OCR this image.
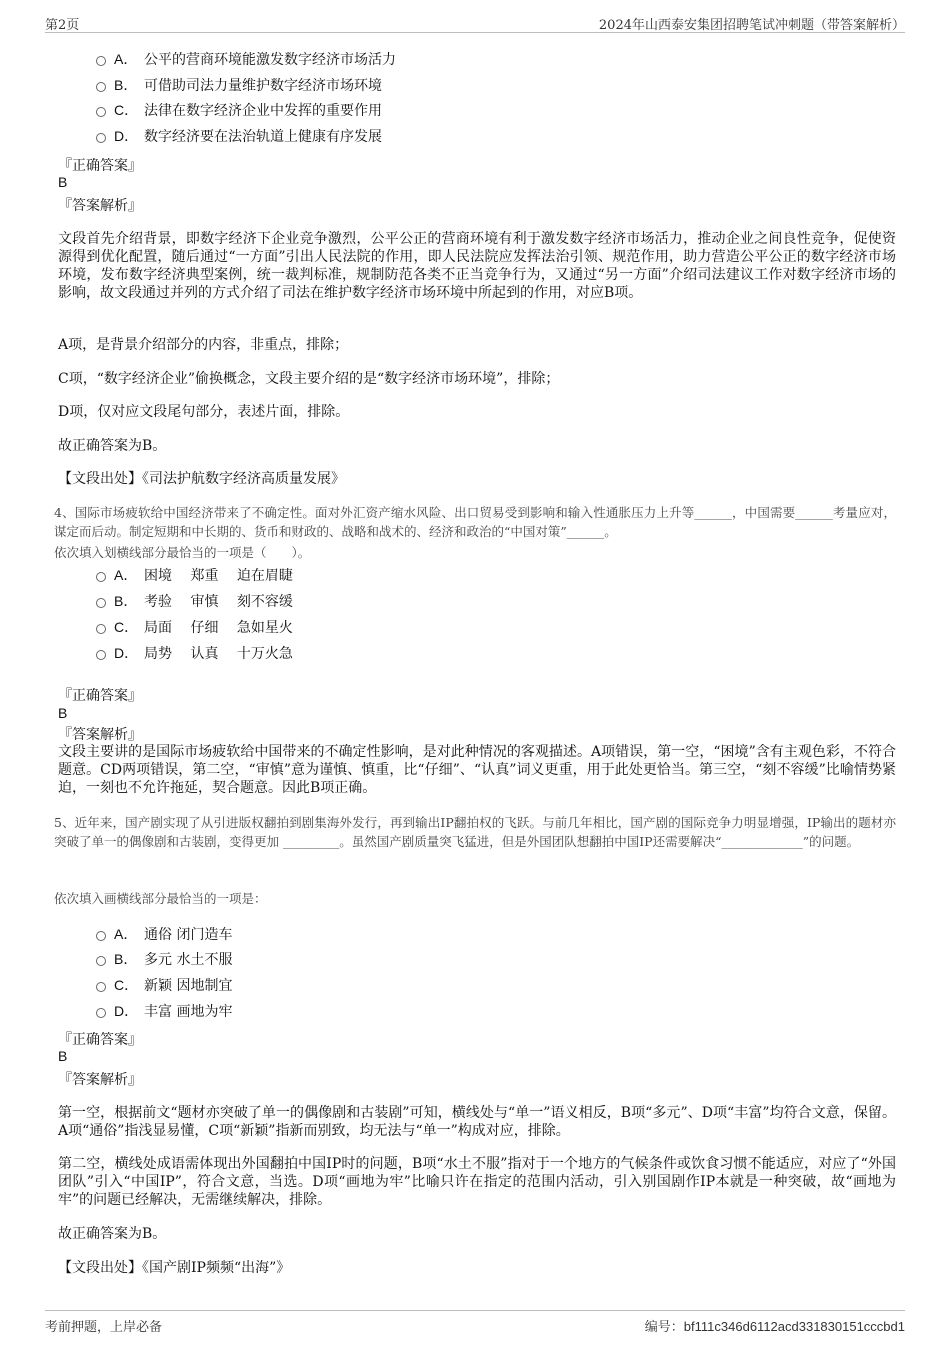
第2页	2024年山西泰安集团招聘笔试冲刺题（带答案解析）
A． 公平的营商环境能激发数字经济市场活力
B． 可借助司法力量维护数字经济市场环境
C． 法律在数字经济企业中发挥的重要作用
D． 数字经济要在法治轨道上健康有序发展
『正确答案』
B
『答案解析』
文段首先介绍背景，即数字经济下企业竞争激烈，公平公正的营商环境有利于激发数字经济市场活力，推动企业之间良性竞争，促使资源得到优化配置，随后通过“一方面”引出人民法院的作用，即人民法院应发挥法治引领、规范作用，助力营造公平公正的数字经济市场环境，发布数字经济典型案例，统一裁判标准，规制防范各类不正当竞争行为，又通过“另一方面”介绍司法建议工作对数字经济市场的影响，故文段通过并列的方式介绍了司法在维护数字经济市场环境中所起到的作用，对应B项。
A项，是背景介绍部分的内容，非重点，排除；
C项，“数字经济企业”偷换概念，文段主要介绍的是“数字经济市场环境”，排除；
D项，仅对应文段尾句部分，表述片面，排除。
故正确答案为B。
【文段出处】《司法护航数字经济高质量发展》
4、国际市场疲软给中国经济带来了不确定性。面对外汇资产缩水风险、出口贸易受到影响和输入性通胀压力上升等______，中国需要______考量应对，谋定而后动。制定短期和中长期的、货币和财政的、战略和战术的、经济和政治的“中国对策”______。
依次填入划横线部分最恰当的一项是（　　）。
A． 困境　 郑重　 迫在眉睫
B． 考验　 审慎　 刻不容缓
C． 局面　 仔细　 急如星火
D． 局势　 认真　 十万火急
『正确答案』
B
『答案解析』
文段主要讲的是国际市场疲软给中国带来的不确定性影响，是对此种情况的客观描述。A项错误，第一空，“困境”含有主观色彩，不符合题意。CD两项错误，第二空，“审慎”意为谨慎、慎重，比“仔细”、“认真”词义更重，用于此处更恰当。第三空，“刻不容缓”比喻情势紧迫，一刻也不允许拖延，契合题意。因此B项正确。
5、近年来，国产剧实现了从引进版权翻拍到剧集海外发行，再到输出IP翻拍权的飞跃。与前几年相比，国产剧的国际竞争力明显增强，IP输出的题材亦突破了单一的偶像剧和古装剧，变得更加 _________。虽然国产剧质量突飞猛进，但是外国团队想翻拍中国IP还需要解决“_____________”的问题。
依次填入画横线部分最恰当的一项是：
A． 通俗 闭门造车
B． 多元 水土不服
C． 新颖 因地制宜
D． 丰富 画地为牢
『正确答案』
B
『答案解析』
第一空，根据前文“题材亦突破了单一的偶像剧和古装剧”可知，横线处与“单一”语义相反，B项“多元”、D项“丰富”均符合文意，保留。A项“通俗”指浅显易懂，C项“新颖”指新而别致，均无法与“单一”构成对应，排除。
第二空，横线处成语需体现出外国翻拍中国IP时的问题，B项“水土不服”指对于一个地方的气候条件或饮食习惯不能适应，对应了“外国团队”引入“中国IP”，符合文意，当选。D项“画地为牢”比喻只许在指定的范围内活动，引入别国剧作IP本就是一种突破，故“画地为牢”的问题已经解决，无需继续解决，排除。
故正确答案为B。
【文段出处】《国产剧IP频频“出海”》
考前押题，上岸必备	编号：bf111c346d6112acd331830151cccbd1
